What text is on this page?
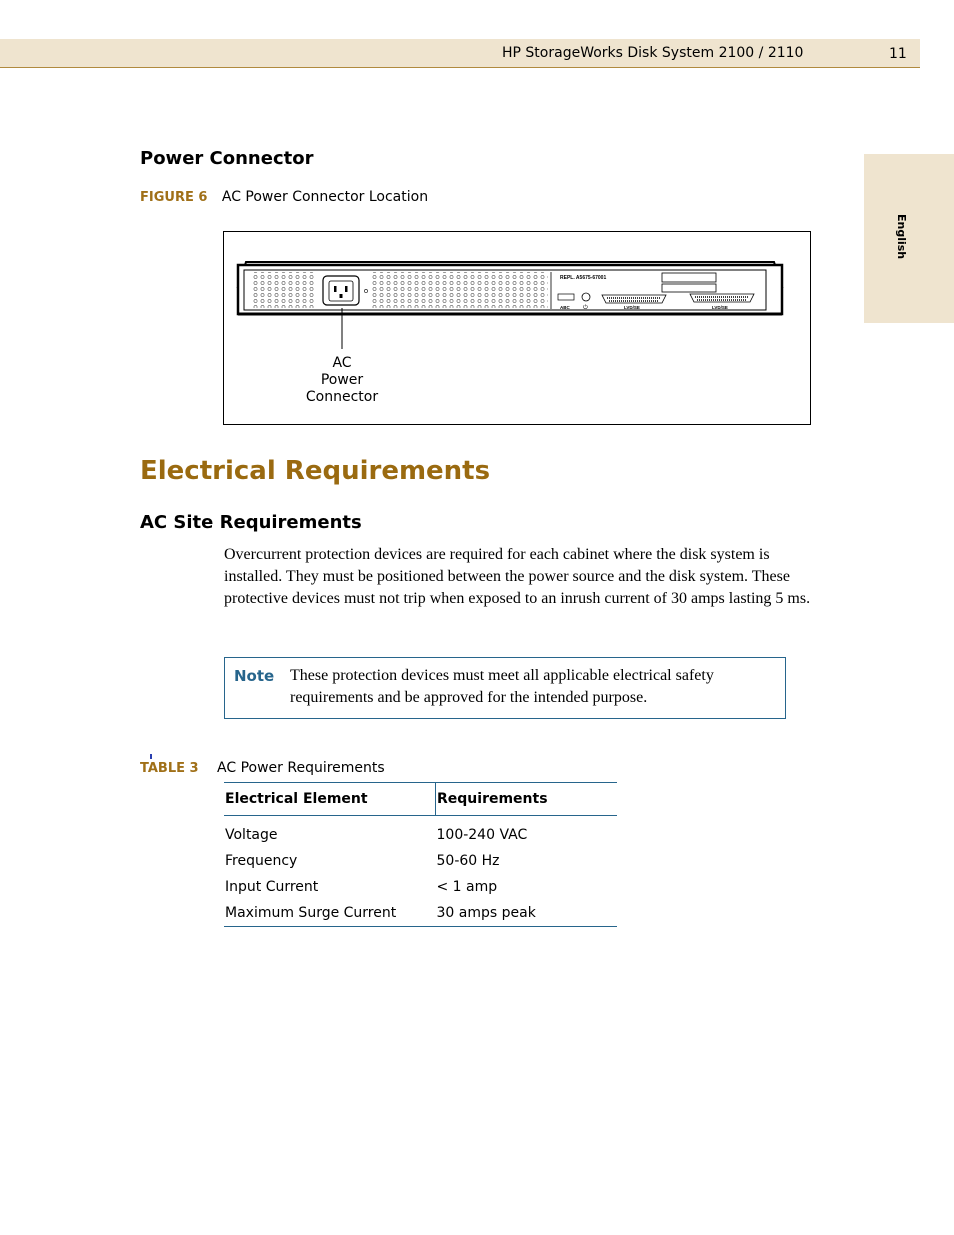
HP StorageWorks Disk System 2100 / 2110	11
English
Power Connector
FIGURE 6 AC Power Connector Location
REPL. A5675-67001
ABC ⏻	LVD/SE	LVD/SE
AC
Power
Connector
Electrical Requirements
AC Site Requirements

Overcurrent protection devices are required for each cabinet where the disk system is installed. They must be positioned between the power source and the disk system. These protective devices must not trip when exposed to an inrush current of 30 amps lasting 5 ms.

Note These protection devices must meet all applicable electrical safety requirements and be approved for the intended purpose.
TABLE 3 AC Power Requirements
Electrical Element	Requirements
Voltage	100-240 VAC
Frequency	50-60 Hz
Input Current	< 1 amp
Maximum Surge Current	30 amps peak
